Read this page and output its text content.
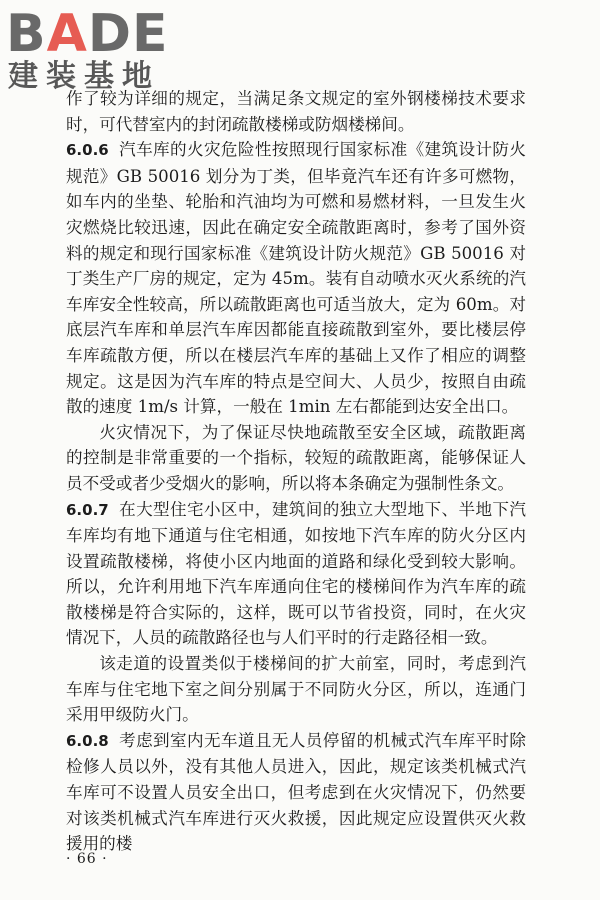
BADE
建装基地

作了较为详细的规定，当满足条文规定的室外钢楼梯技术要求时，可代替室内的封闭疏散楼梯或防烟楼梯间。

6.0.6 汽车库的火灾危险性按照现行国家标准《建筑设计防火规范》GB 50016 划分为丁类，但毕竟汽车还有许多可燃物，如车内的坐垫、轮胎和汽油均为可燃和易燃材料，一旦发生火灾燃烧比较迅速，因此在确定安全疏散距离时，参考了国外资料的规定和现行国家标准《建筑设计防火规范》GB 50016 对丁类生产厂房的规定，定为 45m。装有自动喷水灭火系统的汽车库安全性较高，所以疏散距离也可适当放大，定为 60m。对底层汽车库和单层汽车库因都能直接疏散到室外，要比楼层停车库疏散方便，所以在楼层汽车库的基础上又作了相应的调整规定。这是因为汽车库的特点是空间大、人员少，按照自由疏散的速度 1m/s 计算，一般在 1min 左右都能到达安全出口。

火灾情况下，为了保证尽快地疏散至安全区域，疏散距离的控制是非常重要的一个指标，较短的疏散距离，能够保证人员不受或者少受烟火的影响，所以将本条确定为强制性条文。

6.0.7 在大型住宅小区中，建筑间的独立大型地下、半地下汽车库均有地下通道与住宅相通，如按地下汽车库的防火分区内设置疏散楼梯，将使小区内地面的道路和绿化受到较大影响。所以，允许利用地下汽车库通向住宅的楼梯间作为汽车库的疏散楼梯是符合实际的，这样，既可以节省投资，同时，在火灾情况下，人员的疏散路径也与人们平时的行走路径相一致。

该走道的设置类似于楼梯间的扩大前室，同时，考虑到汽车库与住宅地下室之间分别属于不同防火分区，所以，连通门采用甲级防火门。

6.0.8 考虑到室内无车道且无人员停留的机械式汽车库平时除检修人员以外，没有其他人员进入，因此，规定该类机械式汽车库可不设置人员安全出口，但考虑到在火灾情况下，仍然要对该类机械式汽车库进行灭火救援，因此规定应设置供灭火救援用的楼

· 66 ·
